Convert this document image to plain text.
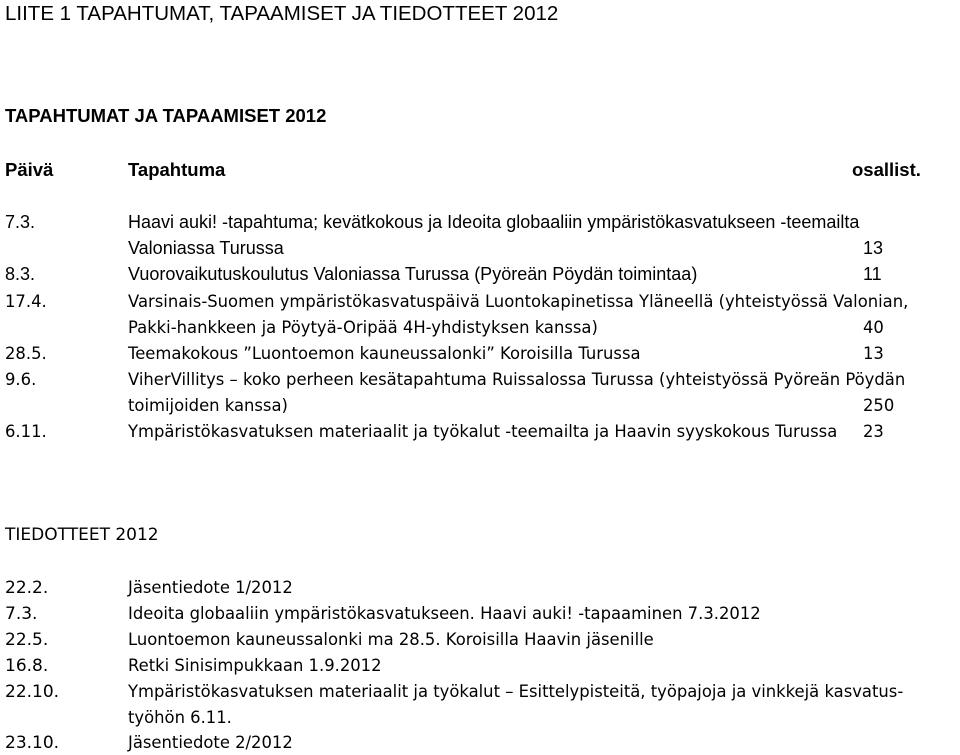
LIITE 1 TAPAHTUMAT, TAPAAMISET JA TIEDOTTEET 2012
TAPAHTUMAT JA TAPAAMISET 2012
Päivä	Tapahtuma	osallist.
7.3.	Haavi auki! -tapahtuma; kevätkokous ja Ideoita globaaliin ympäristökasvatukseen -teemailta
Valoniassa Turussa	13
8.3.	Vuorovaikutuskoulutus Valoniassa Turussa (Pyöreän Pöydän toimintaa)	11
17.4.	Varsinais-Suomen ympäristökasvatuspäivä Luontokapinetissa Yläneellä (yhteistyössä Valonian,
Pakki-hankkeen ja Pöytyä-Oripää 4H-yhdistyksen kanssa)	40
28.5.	Teemakokous ”Luontoemon kauneussalonki” Koroisilla Turussa	13
9.6.	ViherVillitys – koko perheen kesätapahtuma Ruissalossa Turussa (yhteistyössä Pyöreän Pöydän
toimijoiden kanssa)	250
6.11.	Ympäristökasvatuksen materiaalit ja työkalut -teemailta ja Haavin syyskokous Turussa 23
TIEDOTTEET 2012
22.2.	Jäsentiedote 1/2012
7.3.	Ideoita globaaliin ympäristökasvatukseen. Haavi auki! -tapaaminen 7.3.2012
22.5.	Luontoemon kauneussalonki ma 28.5. Koroisilla Haavin jäsenille
16.8.	Retki Sinisimpukkaan 1.9.2012
22.10.	Ympäristökasvatuksen materiaalit ja työkalut – Esittelypisteitä, työpajoja ja vinkkejä kasvatus-
työhön 6.11.
23.10.	Jäsentiedote 2/2012
